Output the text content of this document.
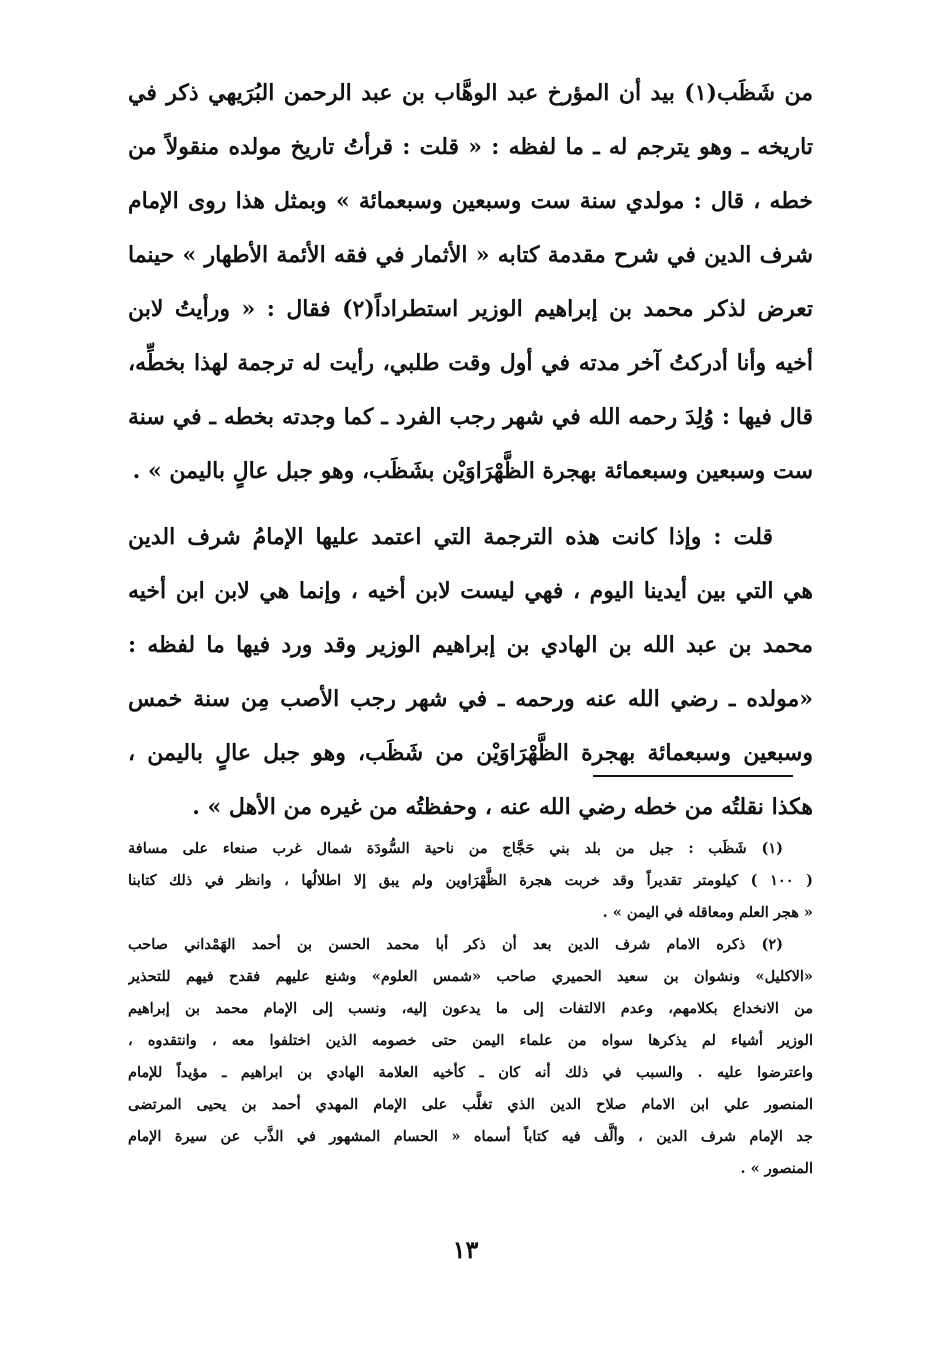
من شَظَب(١) بيد أن المؤرخ عبد الوهَّاب بن عبد الرحمن البُرَيهي ذكر في
تاريخه ـ وهو يترجم له ـ ما لفظه : « قلت : قرأتُ تاريخ مولده منقولاً من
خطه ، قال : مولدي سنة ست وسبعين وسبعمائة » وبمثل هذا روى الإمام
شرف الدين في شرح مقدمة كتابه « الأثمار في فقه الأئمة الأطهار » حينما
تعرض لذكر محمد بن إبراهيم الوزير استطراداً(٢) فقال : « ورأيتُ لابن
أخيه وأنا أدركتُ آخر مدته في أول وقت طلبي، رأيت له ترجمة لهذا بخطِّه،
قال فيها : وُلِدَ رحمه الله في شهر رجب الفرد ـ كما وجدته بخطه ـ في سنة
ست وسبعين وسبعمائة بهجرة الظَّهْرَاوَيْن بشَظَب، وهو جبل عالٍ باليمن » .
قلت : وإذا كانت هذه الترجمة التي اعتمد عليها الإمامُ شرف الدين
هي التي بين أيدينا اليوم ، فهي ليست لابن أخيه ، وإنما هي لابن ابن أخيه
محمد بن عبد الله بن الهادي بن إبراهيم الوزير وقد ورد فيها ما لفظه :
«مولده ـ رضي الله عنه ورحمه ـ في شهر رجب الأصب مِن سنة خمس
وسبعين وسبعمائة بهجرة الظَّهْرَاوَيْن من شَظَب، وهو جبل عالٍ باليمن ،
هكذا نقلتُه من خطه رضي الله عنه ، وحفظتُه من غيره من الأهل » .
(١) شَظَب : جبل من بلد بني حَجَّاج من ناحية السُّودَة شمال غرب صنعاء على مسافة
( ١٠٠ ) كيلومتر تقديراً وقد خربت هجرة الظَّهْرَاوين ولم يبق إلا اطلالُها ، وانظر في ذلك كتابنا
« هجر العلم ومعاقله في اليمن » .
(٢) ذكره الامام شرف الدين بعد أن ذكر أبا محمد الحسن بن أحمد الهَمْداني صاحب
«الاكليل» ونشوان بن سعيد الحميري صاحب «شمس العلوم» وشنع عليهم فقدح فيهم للتحذير
من الانخداع بكلامهم، وعدم الالتفات إلى ما يدعون إليه، ونسب إلى الإمام محمد بن إبراهيم
الوزير أشياء لم يذكرها سواه من علماء اليمن حتى خصومه الذين اختلفوا معه ، وانتقدوه ،
واعترضوا عليه . والسبب في ذلك أنه كان ـ كأخيه العلامة الهادي بن ابراهيم ـ مؤيداً للإمام
المنصور علي ابن الامام صلاح الدين الذي تغلَّب على الإمام المهدي أحمد بن يحيى المرتضى
جد الإمام شرف الدين ، وألَّف فيه كتاباً أسماه « الحسام المشهور في الذَّب عن سيرة الإمام
المنصور » .
١٣
